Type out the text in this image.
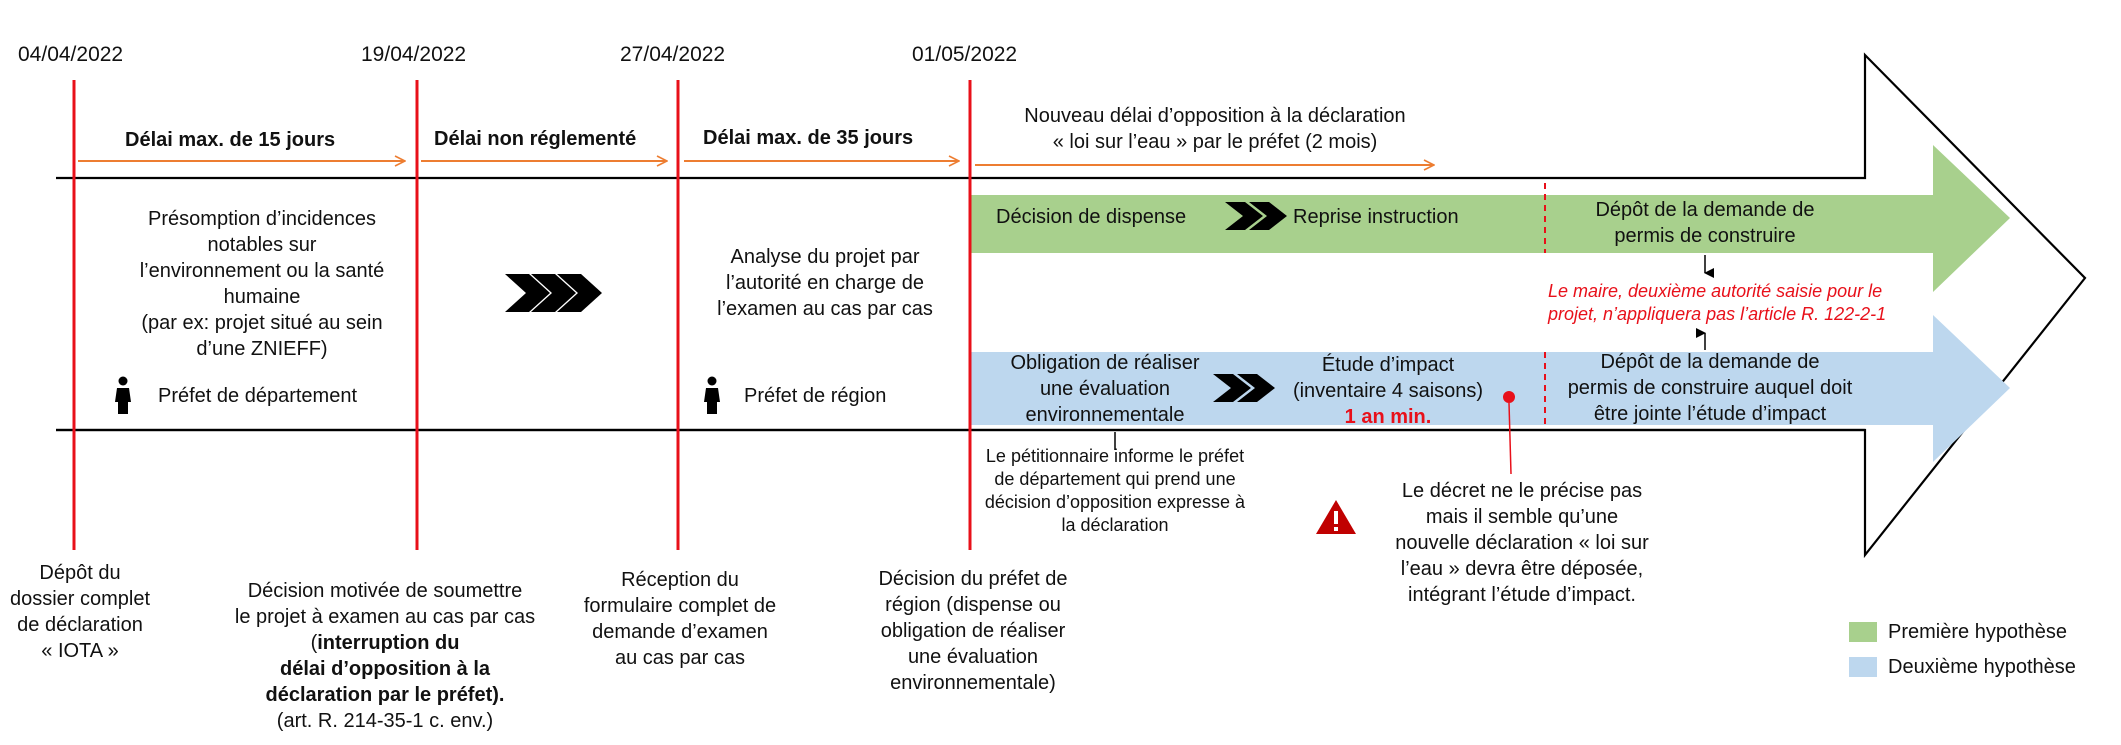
04/04/2022	19/04/2022	27/04/2022	01/05/2022
Délai max. de 15 jours	Délai non réglementé	Délai max. de 35 jours
Nouveau délai d’opposition à la déclaration
« loi sur l’eau » par le préfet (2 mois)
Présomption d’incidences
notables sur
l’environnement ou la santé
humaine
(par ex: projet situé au sein
d’une ZNIEFF)
Préfet de département
Analyse du projet par
l’autorité en charge de
l’examen au cas par cas
Préfet de région
Décision de dispense	Reprise instruction	Dépôt de la demande de
permis de construire
Le maire, deuxième autorité saisie pour le
projet, n’appliquera pas l’article R. 122-2-1
Obligation de réaliser
une évaluation
environnementale
Étude d’impact
(inventaire 4 saisons)
1 an min.
Dépôt de la demande de
permis de construire auquel doit
être jointe l’étude d’impact
Le pétitionnaire informe le préfet
de département qui prend une
décision d’opposition expresse à
la déclaration
Le décret ne le précise pas
mais il semble qu’une
nouvelle déclaration « loi sur
l’eau » devra être déposée,
intégrant l’étude d’impact.
Dépôt du
dossier complet
de déclaration
« IOTA »
Décision motivée de soumettre
le projet à examen au cas par cas
(interruption du
délai d’opposition à la
déclaration par le préfet).
(art. R. 214-35-1 c. env.)
Réception du
formulaire complet de
demande d’examen
au cas par cas
Décision du préfet de
région (dispense ou
obligation de réaliser
une évaluation
environnementale)
Première hypothèse
Deuxième hypothèse
